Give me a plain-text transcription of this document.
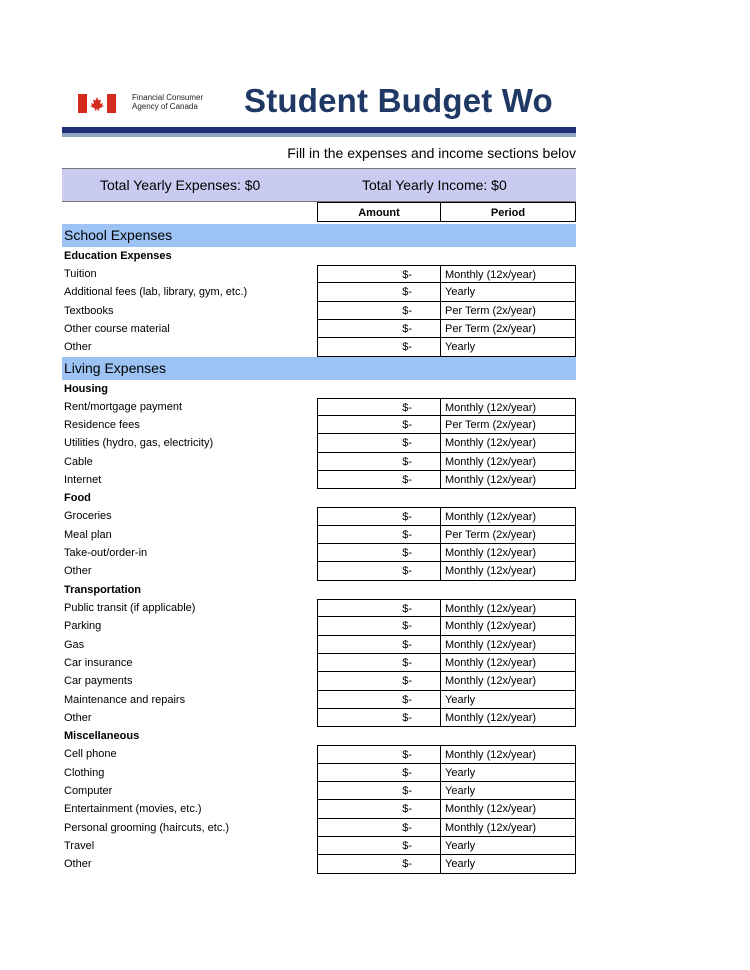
Financial Consumer
Agency of Canada Student Budget Wo
Fill in the expenses and income sections belov
Total Yearly Expenses: $0	Total Yearly Income: $0
Amount	Period
School Expenses
Education Expenses
Tuition	$-	Monthly (12x/year)
Additional fees (lab, library, gym, etc.)	$-	Yearly
Textbooks	$-	Per Term (2x/year)
Other course material	$-	Per Term (2x/year)
Other	$-	Yearly
Living Expenses
Housing
Rent/mortgage payment	$-	Monthly (12x/year)
Residence fees	$-	Per Term (2x/year)
Utilities (hydro, gas, electricity)	$-	Monthly (12x/year)
Cable	$-	Monthly (12x/year)
Internet	$-	Monthly (12x/year)
Food
Groceries	$-	Monthly (12x/year)
Meal plan	$-	Per Term (2x/year)
Take-out/order-in	$-	Monthly (12x/year)
Other	$-	Monthly (12x/year)
Transportation
Public transit (if applicable)	$-	Monthly (12x/year)
Parking	$-	Monthly (12x/year)
Gas	$-	Monthly (12x/year)
Car insurance	$-	Monthly (12x/year)
Car payments	$-	Monthly (12x/year)
Maintenance and repairs	$-	Yearly
Other	$-	Monthly (12x/year)
Miscellaneous
Cell phone	$-	Monthly (12x/year)
Clothing	$-	Yearly
Computer	$-	Yearly
Entertainment (movies, etc.)	$-	Monthly (12x/year)
Personal grooming (haircuts, etc.)	$-	Monthly (12x/year)
Travel	$-	Yearly
Other	$-	Yearly
